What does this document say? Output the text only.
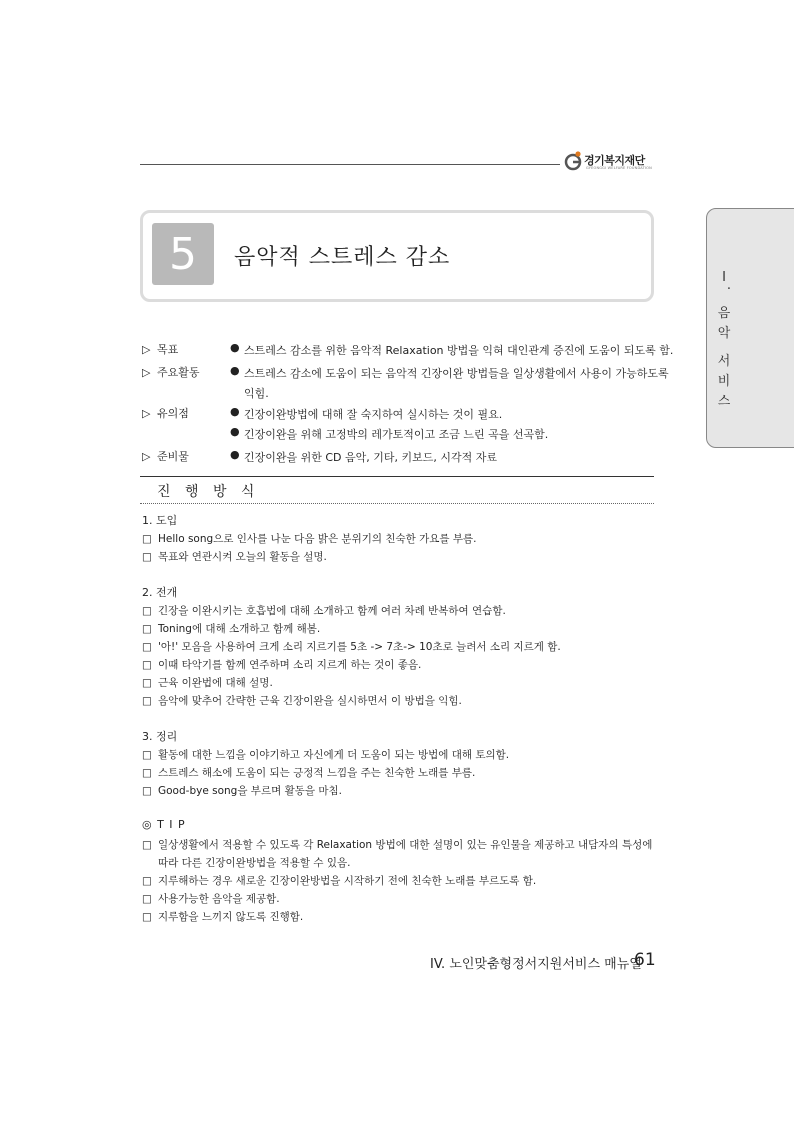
경기복지재단
GYEONGGI WELFARE FOUNDATION
5	음악적 스트레스 감소
Ⅰ
.
음
악
서
비
스
▷ 목표	● 스트레스 감소를 위한 음악적 Relaxation 방법을 익혀 대인관계 증진에 도움이 되도록 함.
▷ 주요활동	● 스트레스 감소에 도움이 되는 음악적 긴장이완 방법들을 일상생활에서 사용이 가능하도록
익힘.
▷ 유의점	● 긴장이완방법에 대해 잘 숙지하여 실시하는 것이 필요.
● 긴장이완을 위해 고정박의 레가토적이고 조금 느린 곡을 선곡함.
▷ 준비물	● 긴장이완을 위한 CD 음악, 기타, 키보드, 시각적 자료
진 행 방 식
1. 도입
□ Hello song으로 인사를 나눈 다음 밝은 분위기의 친숙한 가요를 부름.
□ 목표와 연관시켜 오늘의 활동을 설명.
2. 전개
□ 긴장을 이완시키는 호흡법에 대해 소개하고 함께 여러 차례 반복하여 연습함.
□ Toning에 대해 소개하고 함께 해봄.
□ '아!' 모음을 사용하여 크게 소리 지르기를 5초 -> 7초-> 10초로 늘려서 소리 지르게 함.
□ 이때 타악기를 함께 연주하며 소리 지르게 하는 것이 좋음.
□ 근육 이완법에 대해 설명.
□ 음악에 맞추어 간략한 근육 긴장이완을 실시하면서 이 방법을 익힘.
3. 정리
□ 활동에 대한 느낌을 이야기하고 자신에게 더 도움이 되는 방법에 대해 토의함.
□ 스트레스 해소에 도움이 되는 긍정적 느낌을 주는 친숙한 노래를 부름.
□ Good-bye song을 부르며 활동을 마침.
◎ T I P
□ 일상생활에서 적용할 수 있도록 각 Relaxation 방법에 대한 설명이 있는 유인물을 제공하고 내담자의 특성에
따라 다른 긴장이완방법을 적용할 수 있음.
□ 지루해하는 경우 새로운 긴장이완방법을 시작하기 전에 친숙한 노래를 부르도록 함.
□ 사용가능한 음악을 제공함.
□ 지루함을 느끼지 않도록 진행함.
IV. 노인맞춤형정서지원서비스 매뉴얼
61
